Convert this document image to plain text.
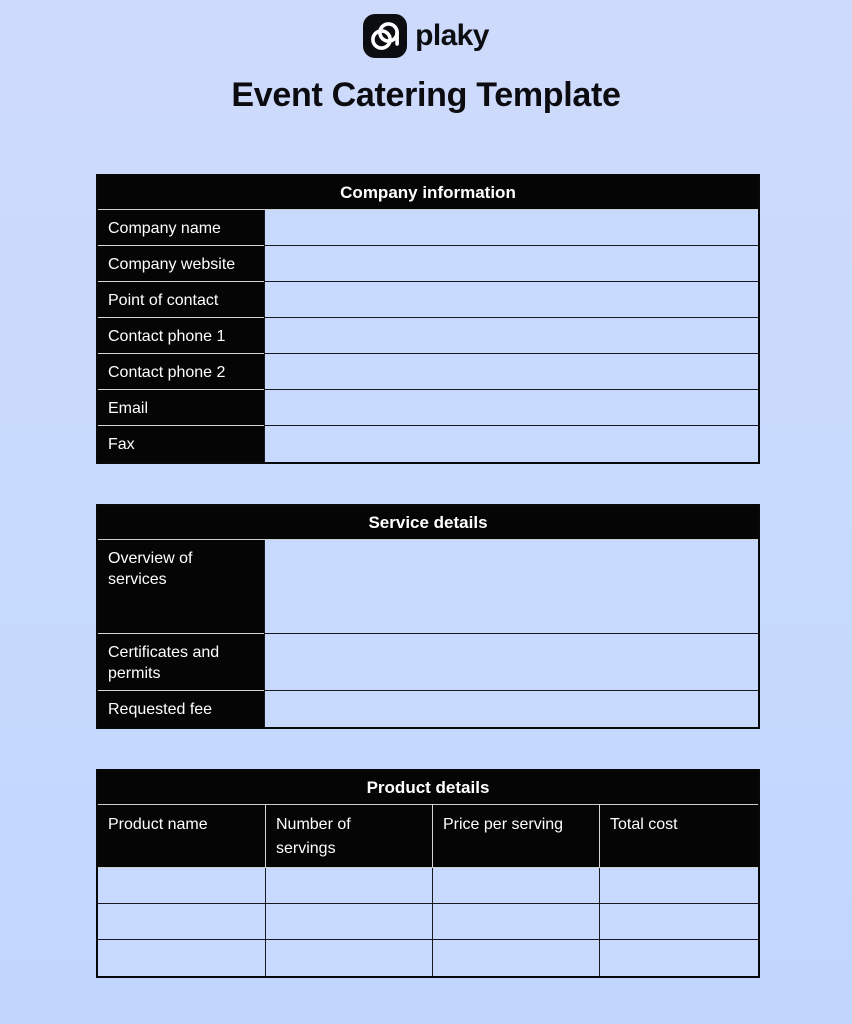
plaky
Event Catering Template
Company information	
Company name	
Company website	
Point of contact	
Contact phone 1	
Contact phone 2	
Email	
Fax	
Service details	
Overview of services	
Certificates and permits	
Requested fee	
Product details			
Product name	Number of servings	Price per serving	Total cost
